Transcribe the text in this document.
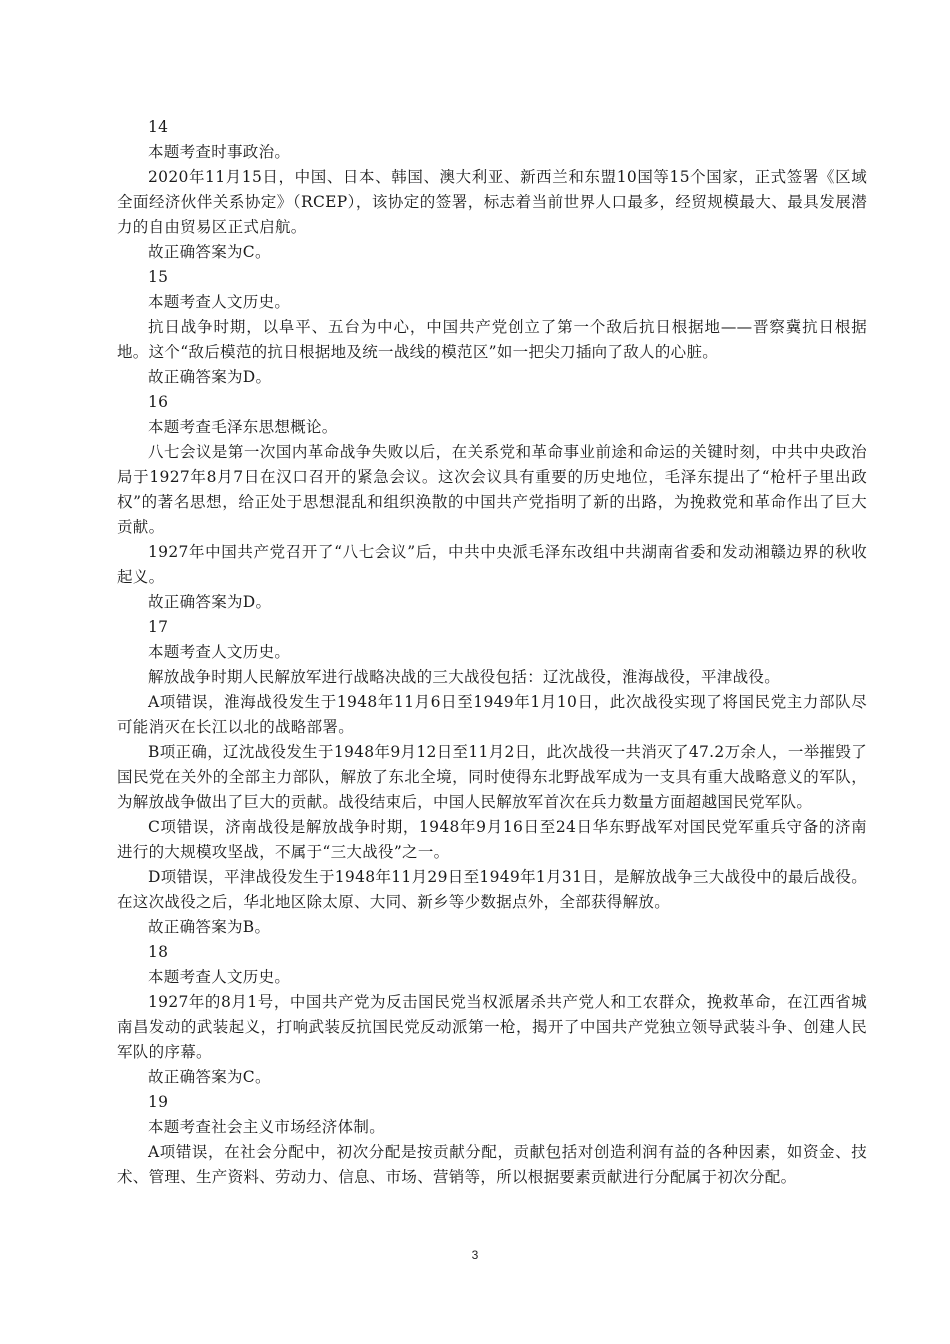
14

本题考查时事政治。

2020年11月15日，中国、日本、韩国、澳大利亚、新西兰和东盟10国等15个国家，正式签署《区域全面经济伙伴关系协定》（RCEP），该协定的签署，标志着当前世界人口最多，经贸规模最大、最具发展潜力的自由贸易区正式启航。

故正确答案为C。

15

本题考查人文历史。

抗日战争时期，以阜平、五台为中心，中国共产党创立了第一个敌后抗日根据地——晋察冀抗日根据地。这个“敌后模范的抗日根据地及统一战线的模范区”如一把尖刀插向了敌人的心脏。

故正确答案为D。

16

本题考查毛泽东思想概论。

八七会议是第一次国内革命战争失败以后，在关系党和革命事业前途和命运的关键时刻，中共中央政治局于1927年8月7日在汉口召开的紧急会议。这次会议具有重要的历史地位，毛泽东提出了“枪杆子里出政权”的著名思想，给正处于思想混乱和组织涣散的中国共产党指明了新的出路，为挽救党和革命作出了巨大贡献。

1927年中国共产党召开了“八七会议”后，中共中央派毛泽东改组中共湖南省委和发动湘赣边界的秋收起义。

故正确答案为D。

17

本题考查人文历史。

解放战争时期人民解放军进行战略决战的三大战役包括：辽沈战役，淮海战役，平津战役。

A项错误，淮海战役发生于1948年11月6日至1949年1月10日，此次战役实现了将国民党主力部队尽可能消灭在长江以北的战略部署。

B项正确，辽沈战役发生于1948年9月12日至11月2日，此次战役一共消灭了47.2万余人，一举摧毁了国民党在关外的全部主力部队，解放了东北全境，同时使得东北野战军成为一支具有重大战略意义的军队，为解放战争做出了巨大的贡献。战役结束后，中国人民解放军首次在兵力数量方面超越国民党军队。

C项错误，济南战役是解放战争时期，1948年9月16日至24日华东野战军对国民党军重兵守备的济南进行的大规模攻坚战，不属于“三大战役”之一。

D项错误，平津战役发生于1948年11月29日至1949年1月31日，是解放战争三大战役中的最后战役。在这次战役之后，华北地区除太原、大同、新乡等少数据点外，全部获得解放。

故正确答案为B。

18

本题考查人文历史。

1927年的8月1号，中国共产党为反击国民党当权派屠杀共产党人和工农群众，挽救革命，在江西省城南昌发动的武装起义，打响武装反抗国民党反动派第一枪，揭开了中国共产党独立领导武装斗争、创建人民军队的序幕。

故正确答案为C。

19

本题考查社会主义市场经济体制。

A项错误，在社会分配中，初次分配是按贡献分配，贡献包括对创造利润有益的各种因素，如资金、技术、管理、生产资料、劳动力、信息、市场、营销等，所以根据要素贡献进行分配属于初次分配。

3
